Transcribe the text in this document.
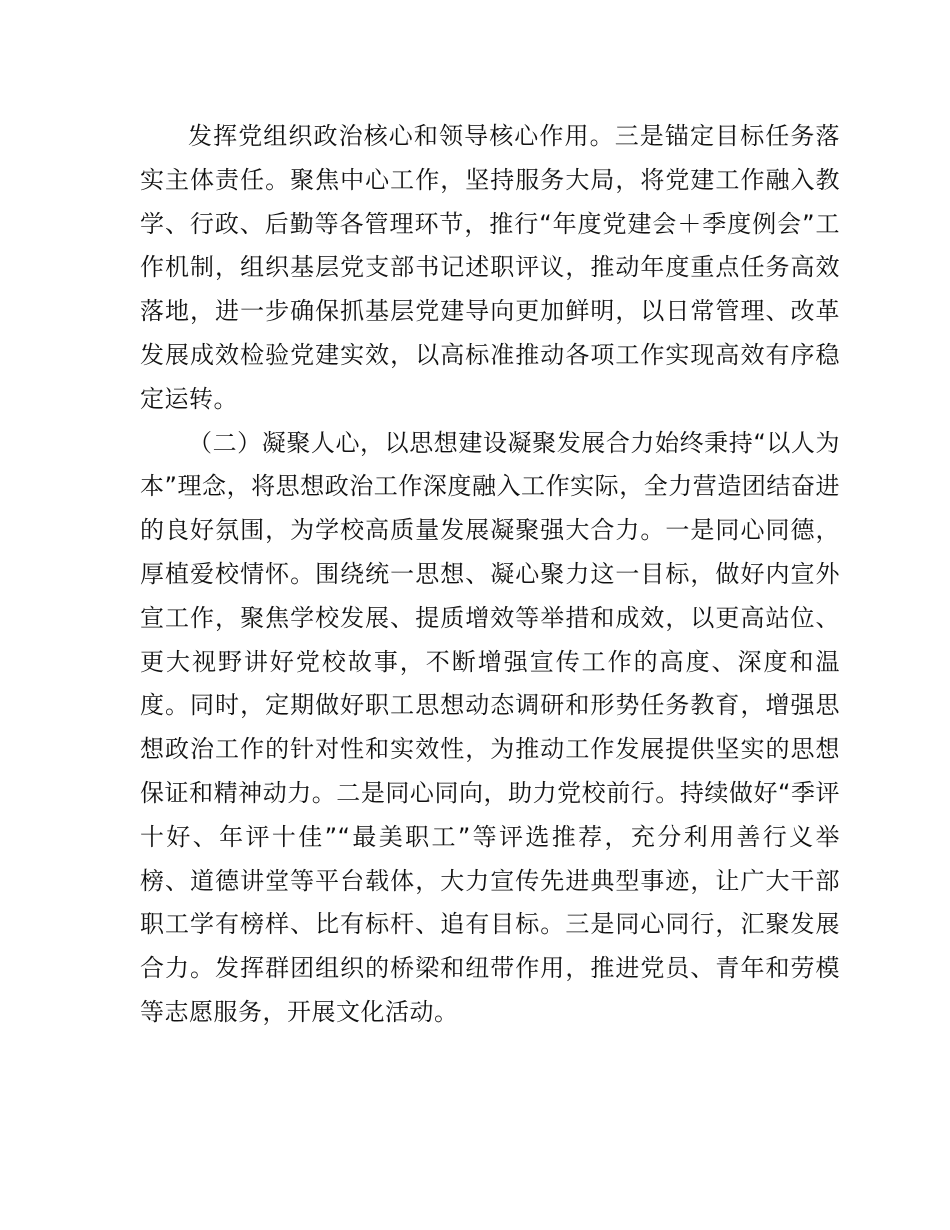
发挥党组织政治核心和领导核心作用。三是锚定目标任务落实主体责任。聚焦中心工作，坚持服务大局，将党建工作融入教学、行政、后勤等各管理环节，推行“年度党建会＋季度例会”工作机制，组织基层党支部书记述职评议，推动年度重点任务高效落地，进一步确保抓基层党建导向更加鲜明，以日常管理、改革发展成效检验党建实效，以高标准推动各项工作实现高效有序稳定运转。

（二）凝聚人心，以思想建设凝聚发展合力始终秉持“以人为本”理念，将思想政治工作深度融入工作实际，全力营造团结奋进的良好氛围，为学校高质量发展凝聚强大合力。一是同心同德，厚植爱校情怀。围绕统一思想、凝心聚力这一目标，做好内宣外宣工作，聚焦学校发展、提质增效等举措和成效，以更高站位、更大视野讲好党校故事，不断增强宣传工作的高度、深度和温度。同时，定期做好职工思想动态调研和形势任务教育，增强思想政治工作的针对性和实效性，为推动工作发展提供坚实的思想保证和精神动力。二是同心同向，助力党校前行。持续做好“季评十好、年评十佳”“最美职工”等评选推荐，充分利用善行义举榜、道德讲堂等平台载体，大力宣传先进典型事迹，让广大干部职工学有榜样、比有标杆、追有目标。三是同心同行，汇聚发展合力。发挥群团组织的桥梁和纽带作用，推进党员、青年和劳模等志愿服务，开展文化活动。
